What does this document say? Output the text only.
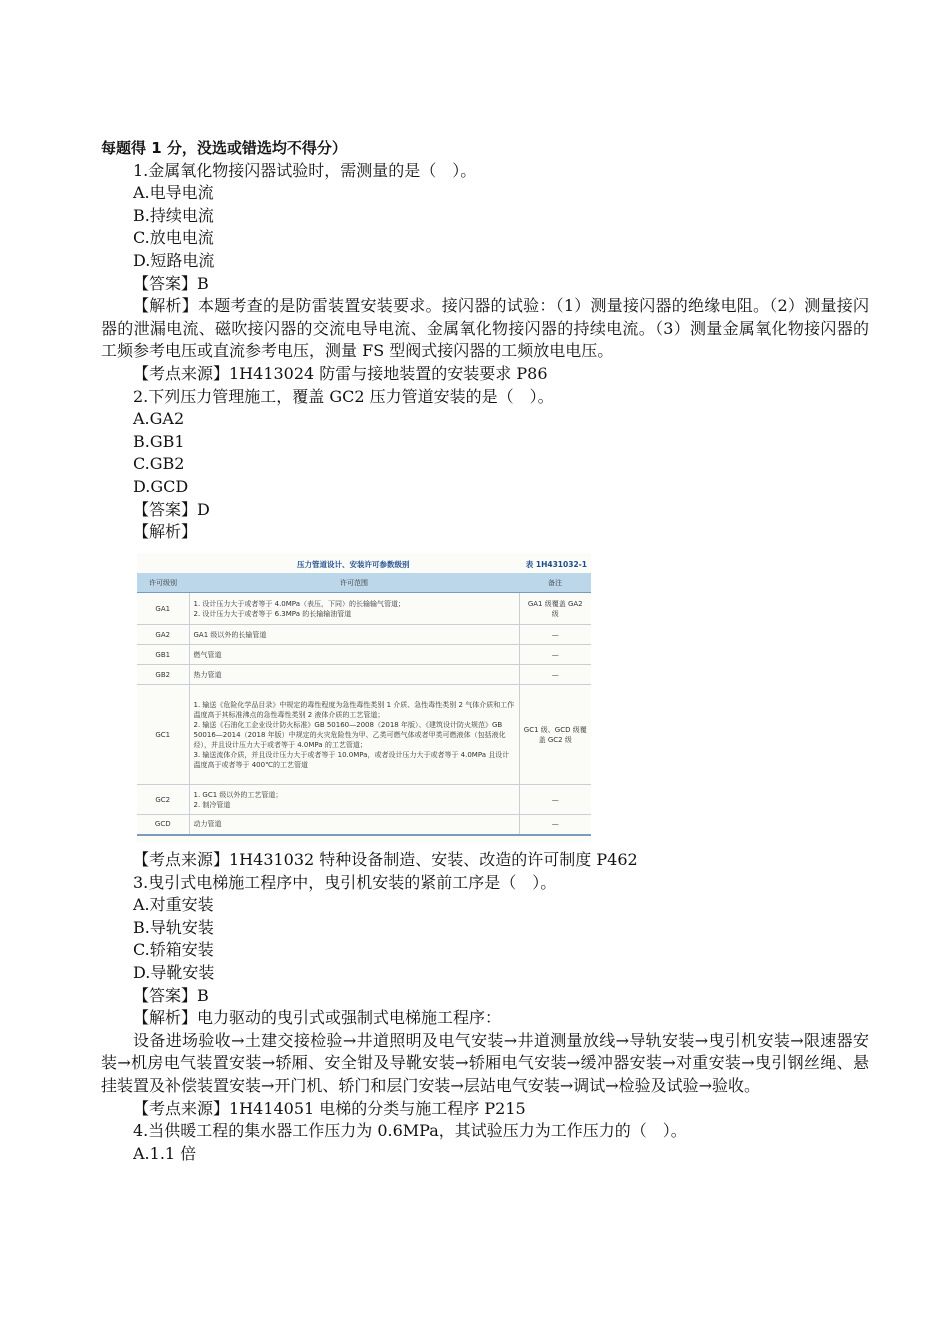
每题得 1 分，没选或错选均不得分）
1.金属氧化物接闪器试验时，需测量的是（　）。
A.电导电流
B.持续电流
C.放电电流
D.短路电流
【答案】B
【解析】本题考查的是防雷装置安装要求。接闪器的试验：（1）测量接闪器的绝缘电阻。（2）测量接闪器的泄漏电流、磁吹接闪器的交流电导电流、金属氧化物接闪器的持续电流。（3）测量金属氧化物接闪器的工频参考电压或直流参考电压，测量 FS 型阀式接闪器的工频放电电压。
【考点来源】1H413024 防雷与接地装置的安装要求 P86
2.下列压力管理施工，覆盖 GC2 压力管道安装的是（　）。
A.GA2
B.GB1
C.GB2
D.GCD
【答案】D
【解析】
压力管道设计、安装许可参数级别	表 1H431032-1
许可级别	许可范围	备注
GA1	1. 设计压力大于或者等于 4.0MPa（表压，下同）的长输输气管道；
2. 设计压力大于或者等于 6.3MPa 的长输输油管道	GA1 级覆盖 GA2 级
GA2	GA1 级以外的长输管道	—
GB1	燃气管道	—
GB2	热力管道	—
GC1	1. 输送《危险化学品目录》中规定的毒性程度为急性毒性类别 1 介质、急性毒性类别 2 气体介质和工作温度高于其标准沸点的急性毒性类别 2 液体介质的工艺管道；
2. 输送《石油化工企业设计防火标准》GB 50160—2008（2018 年版）、《建筑设计防火规范》GB 50016—2014（2018 年版）中规定的火灾危险性为甲、乙类可燃气体或者甲类可燃液体（包括液化烃），并且设计压力大于或者等于 4.0MPa 的工艺管道；
3. 输送流体介质，并且设计压力大于或者等于 10.0MPa，或者设计压力大于或者等于 4.0MPa 且设计温度高于或者等于 400℃的工艺管道	GC1 级、GCD 级覆盖 GC2 级
GC2	1. GC1 级以外的工艺管道；
2. 制冷管道	—
GCD	动力管道	—
【考点来源】1H431032 特种设备制造、安装、改造的许可制度 P462
3.曳引式电梯施工程序中，曳引机安装的紧前工序是（　）。
A.对重安装
B.导轨安装
C.轿箱安装
D.导靴安装
【答案】B
【解析】电力驱动的曳引式或强制式电梯施工程序：
设备进场验收→土建交接检验→井道照明及电气安装→井道测量放线→导轨安装→曳引机安装→限速器安装→机房电气装置安装→轿厢、安全钳及导靴安装→轿厢电气安装→缓冲器安装→对重安装→曳引钢丝绳、悬挂装置及补偿装置安装→开门机、轿门和层门安装→层站电气安装→调试→检验及试验→验收。
【考点来源】1H414051 电梯的分类与施工程序 P215
4.当供暖工程的集水器工作压力为 0.6MPa，其试验压力为工作压力的（　）。
A.1.1 倍
